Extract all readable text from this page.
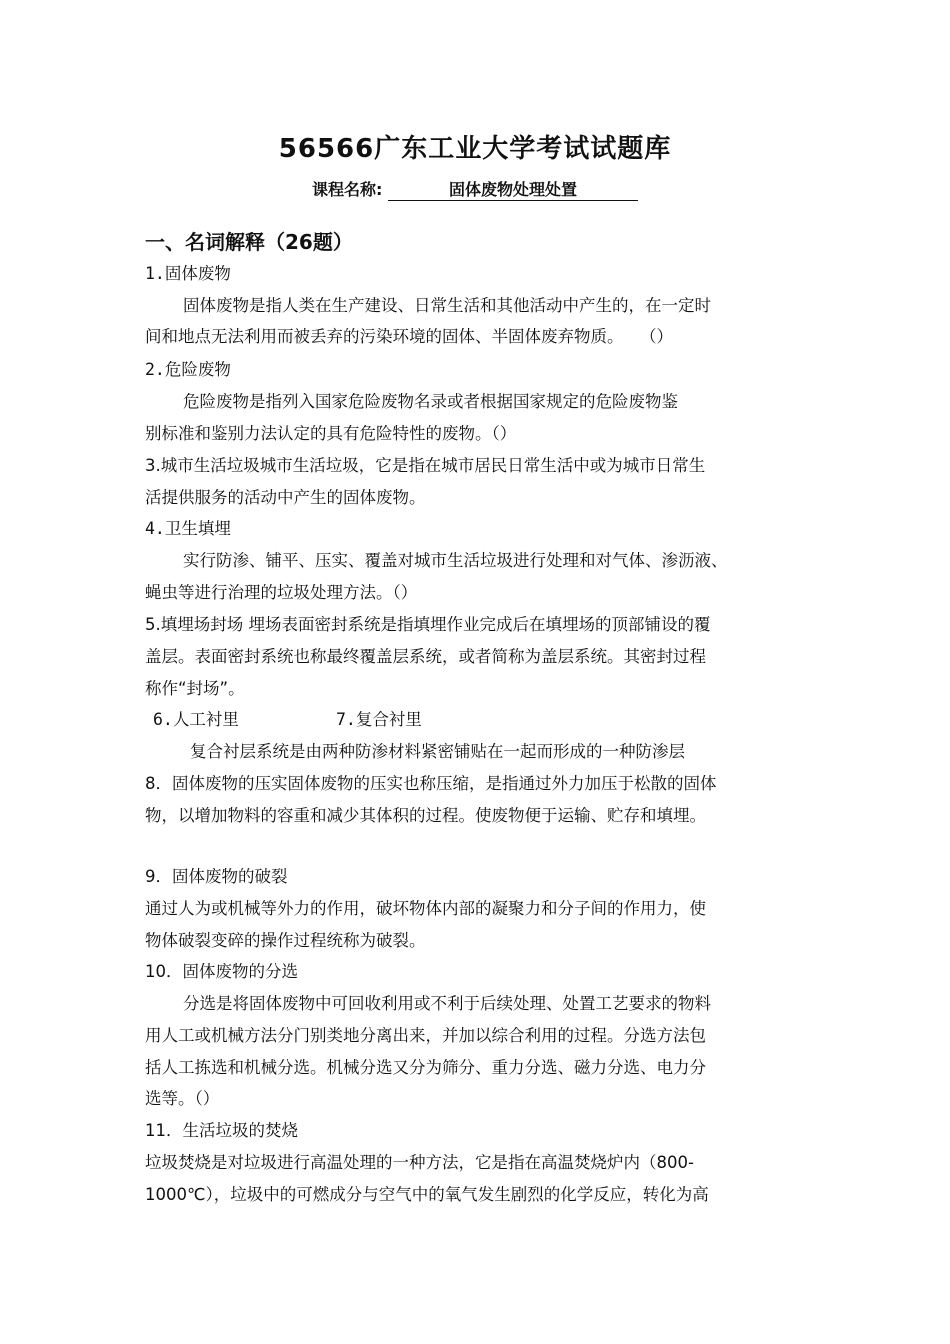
56566广东工业大学考试试题库
课程名称:	固体废物处理处置
一、名词解释（26题）
1.固体废物
固体废物是指人类在生产建设、日常生活和其他活动中产生的，在一定时
间和地点无法利用而被丢弃的污染环境的固体、半固体废弃物质。　　（）
2.危险废物
危险废物是指列入国家危险废物名录或者根据国家规定的危险废物鉴
别标准和鉴别力法认定的具有危险特性的废物。（）
3.城市生活垃圾城市生活垃圾，它是指在城市居民日常生活中或为城市日常生
活提供服务的活动中产生的固体废物。
4.卫生填埋
实行防渗、铺平、压实、覆盖对城市生活垃圾进行处理和对气体、渗沥液、
蝇虫等进行治理的垃圾处理方法。（）
5.填埋场封场 埋场表面密封系统是指填埋作业完成后在填埋场的顶部铺设的覆
盖层。表面密封系统也称最终覆盖层系统，或者简称为盖层系统。其密封过程
称作“封场”。
6.人工衬里	7.复合衬里
复合衬层系统是由两种防渗材料紧密铺贴在一起而形成的一种防渗层
8．固体废物的压实固体废物的压实也称压缩，是指通过外力加压于松散的固体
物，以增加物料的容重和减少其体积的过程。使废物便于运输、贮存和填埋。
9．固体废物的破裂
通过人为或机械等外力的作用，破坏物体内部的凝聚力和分子间的作用力，使
物体破裂变碎的操作过程统称为破裂。
10．固体废物的分选
分选是将固体废物中可回收利用或不利于后续处理、处置工艺要求的物料
用人工或机械方法分门别类地分离出来，并加以综合利用的过程。分选方法包
括人工拣选和机械分选。机械分选又分为筛分、重力分选、磁力分选、电力分
选等。（）
11．生活垃圾的焚烧
垃圾焚烧是对垃圾进行高温处理的一种方法，它是指在高温焚烧炉内（800-
1000℃），垃圾中的可燃成分与空气中的氧气发生剧烈的化学反应，转化为高
